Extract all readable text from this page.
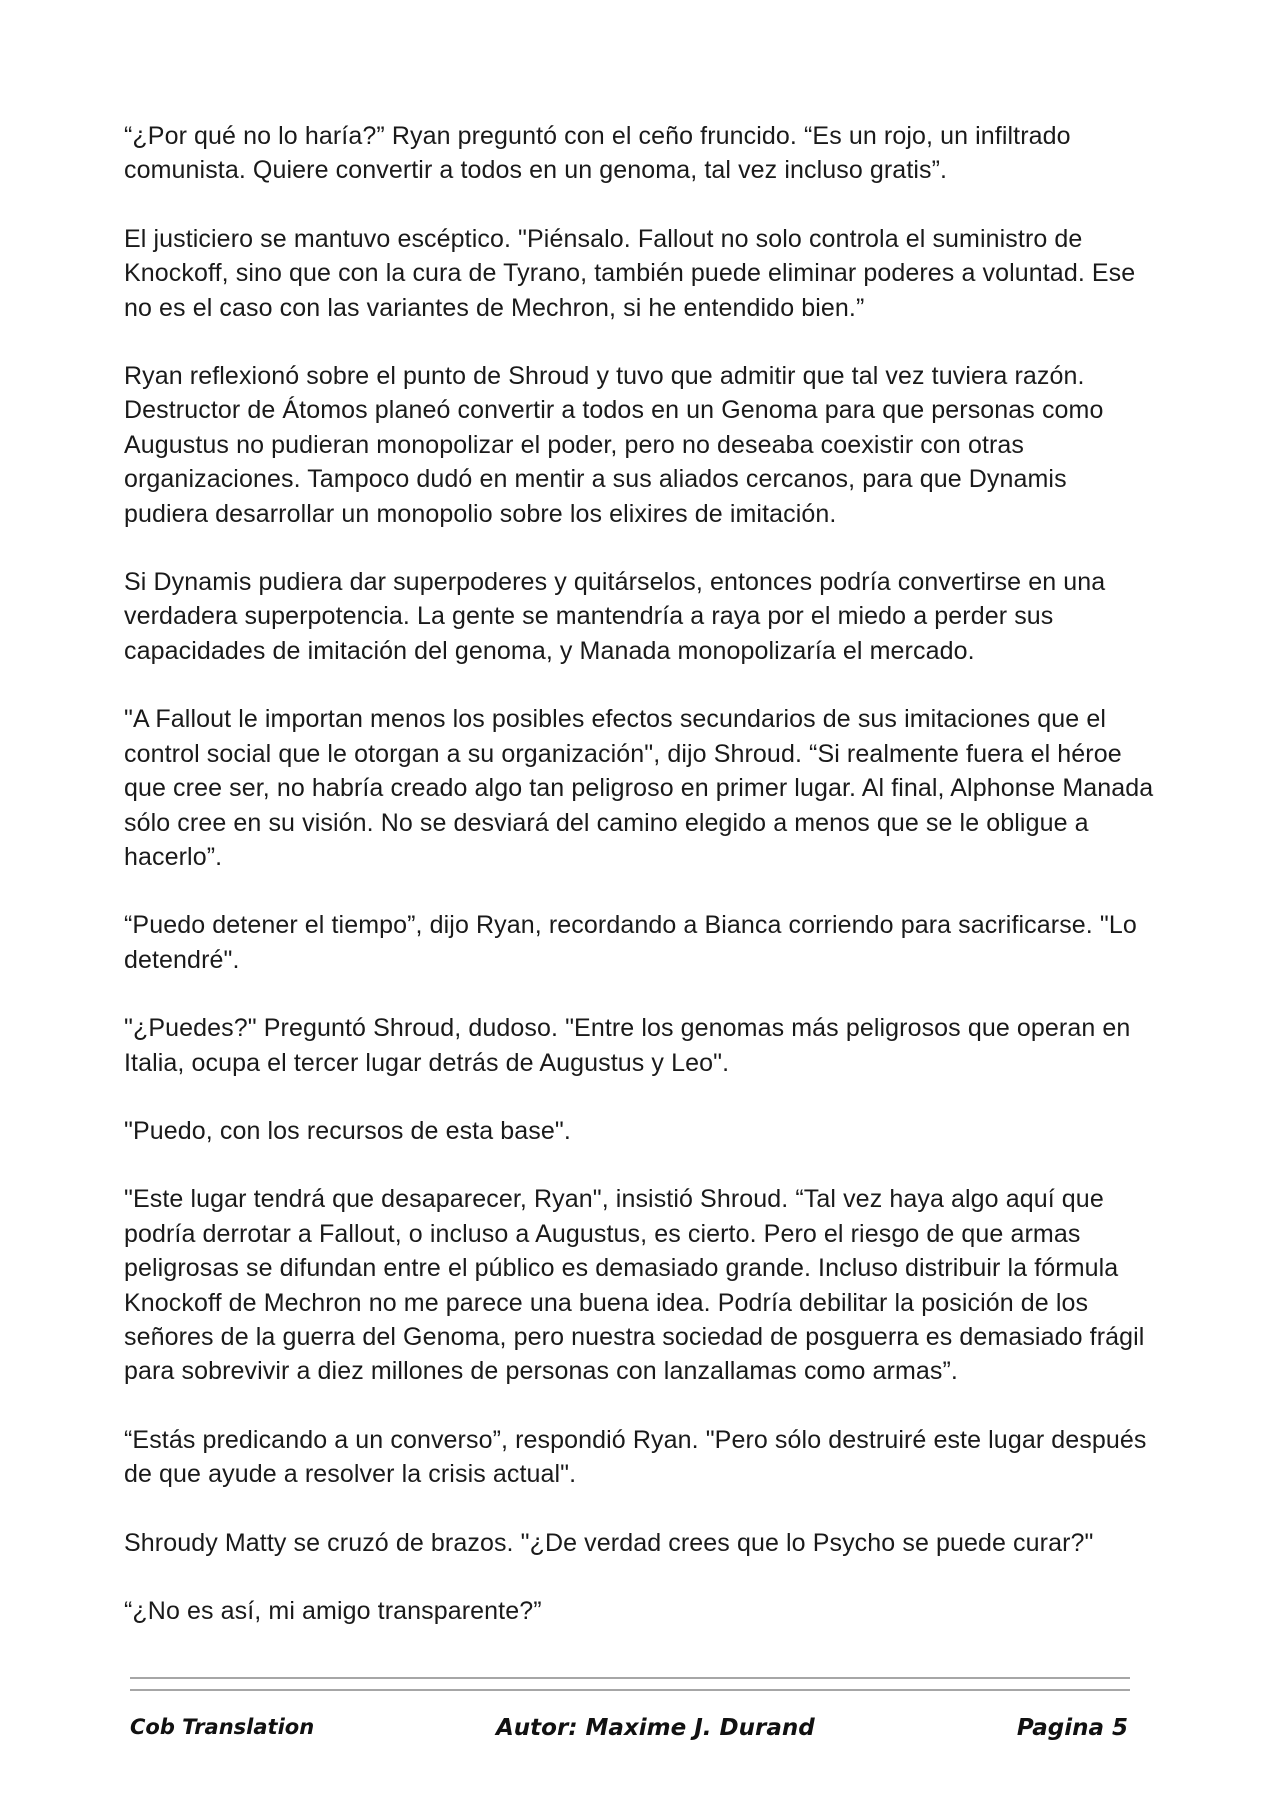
“¿Por qué no lo haría?” Ryan preguntó con el ceño fruncido. “Es un rojo, un infiltrado comunista. Quiere convertir a todos en un genoma, tal vez incluso gratis”.

El justiciero se mantuvo escéptico. "Piénsalo. Fallout no solo controla el suministro de Knockoff, sino que con la cura de Tyrano, también puede eliminar poderes a voluntad. Ese no es el caso con las variantes de Mechron, si he entendido bien.”

Ryan reflexionó sobre el punto de Shroud y tuvo que admitir que tal vez tuviera razón. Destructor de Átomos planeó convertir a todos en un Genoma para que personas como Augustus no pudieran monopolizar el poder, pero no deseaba coexistir con otras organizaciones. Tampoco dudó en mentir a sus aliados cercanos, para que Dynamis pudiera desarrollar un monopolio sobre los elixires de imitación.

Si Dynamis pudiera dar superpoderes y quitárselos, entonces podría convertirse en una verdadera superpotencia. La gente se mantendría a raya por el miedo a perder sus capacidades de imitación del genoma, y Manada monopolizaría el mercado.

"A Fallout le importan menos los posibles efectos secundarios de sus imitaciones que el control social que le otorgan a su organización", dijo Shroud. “Si realmente fuera el héroe que cree ser, no habría creado algo tan peligroso en primer lugar. Al final, Alphonse Manada sólo cree en su visión. No se desviará del camino elegido a menos que se le obligue a hacerlo”.

“Puedo detener el tiempo”, dijo Ryan, recordando a Bianca corriendo para sacrificarse. "Lo detendré".

"¿Puedes?" Preguntó Shroud, dudoso. "Entre los genomas más peligrosos que operan en Italia, ocupa el tercer lugar detrás de Augustus y Leo".

"Puedo, con los recursos de esta base".

"Este lugar tendrá que desaparecer, Ryan", insistió Shroud. “Tal vez haya algo aquí que podría derrotar a Fallout, o incluso a Augustus, es cierto. Pero el riesgo de que armas peligrosas se difundan entre el público es demasiado grande. Incluso distribuir la fórmula Knockoff de Mechron no me parece una buena idea. Podría debilitar la posición de los señores de la guerra del Genoma, pero nuestra sociedad de posguerra es demasiado frágil para sobrevivir a diez millones de personas con lanzallamas como armas”.

“Estás predicando a un converso”, respondió Ryan. "Pero sólo destruiré este lugar después de que ayude a resolver la crisis actual".

Shroudy Matty se cruzó de brazos. "¿De verdad crees que lo Psycho se puede curar?"

“¿No es así, mi amigo transparente?”

Cob Translation	Autor: Maxime J. Durand	Pagina 5
